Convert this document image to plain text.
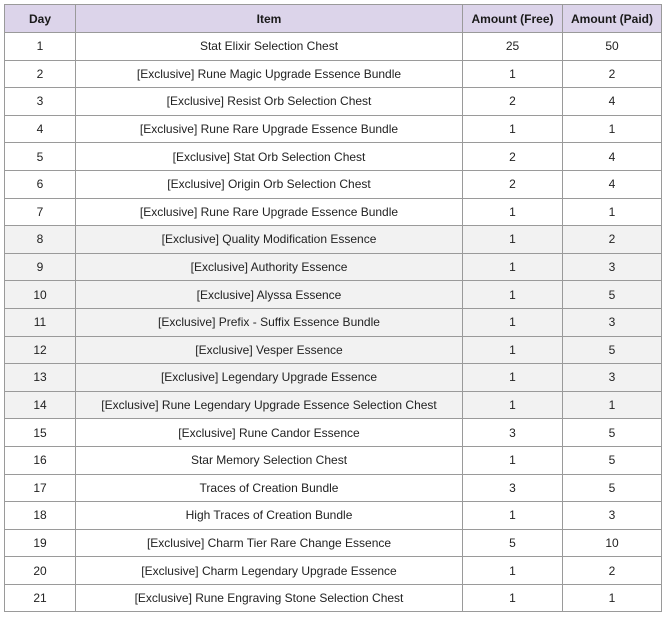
Day	Item	Amount (Free)	Amount (Paid)
1	Stat Elixir Selection Chest	25	50
2	[Exclusive] Rune Magic Upgrade Essence Bundle	1	2
3	[Exclusive] Resist Orb Selection Chest	2	4
4	[Exclusive] Rune Rare Upgrade Essence Bundle	1	1
5	[Exclusive] Stat Orb Selection Chest	2	4
6	[Exclusive] Origin Orb Selection Chest	2	4
7	[Exclusive] Rune Rare Upgrade Essence Bundle	1	1
8	[Exclusive] Quality Modification Essence	1	2
9	[Exclusive] Authority Essence	1	3
10	[Exclusive] Alyssa Essence	1	5
11	[Exclusive] Prefix - Suffix Essence Bundle	1	3
12	[Exclusive] Vesper Essence	1	5
13	[Exclusive] Legendary Upgrade Essence	1	3
14	[Exclusive] Rune Legendary Upgrade Essence Selection Chest	1	1
15	[Exclusive] Rune Candor Essence	3	5
16	Star Memory Selection Chest	1	5
17	Traces of Creation Bundle	3	5
18	High Traces of Creation Bundle	1	3
19	[Exclusive] Charm Tier Rare Change Essence	5	10
20	[Exclusive] Charm Legendary Upgrade Essence	1	2
21	[Exclusive] Rune Engraving Stone Selection Chest	1	1
